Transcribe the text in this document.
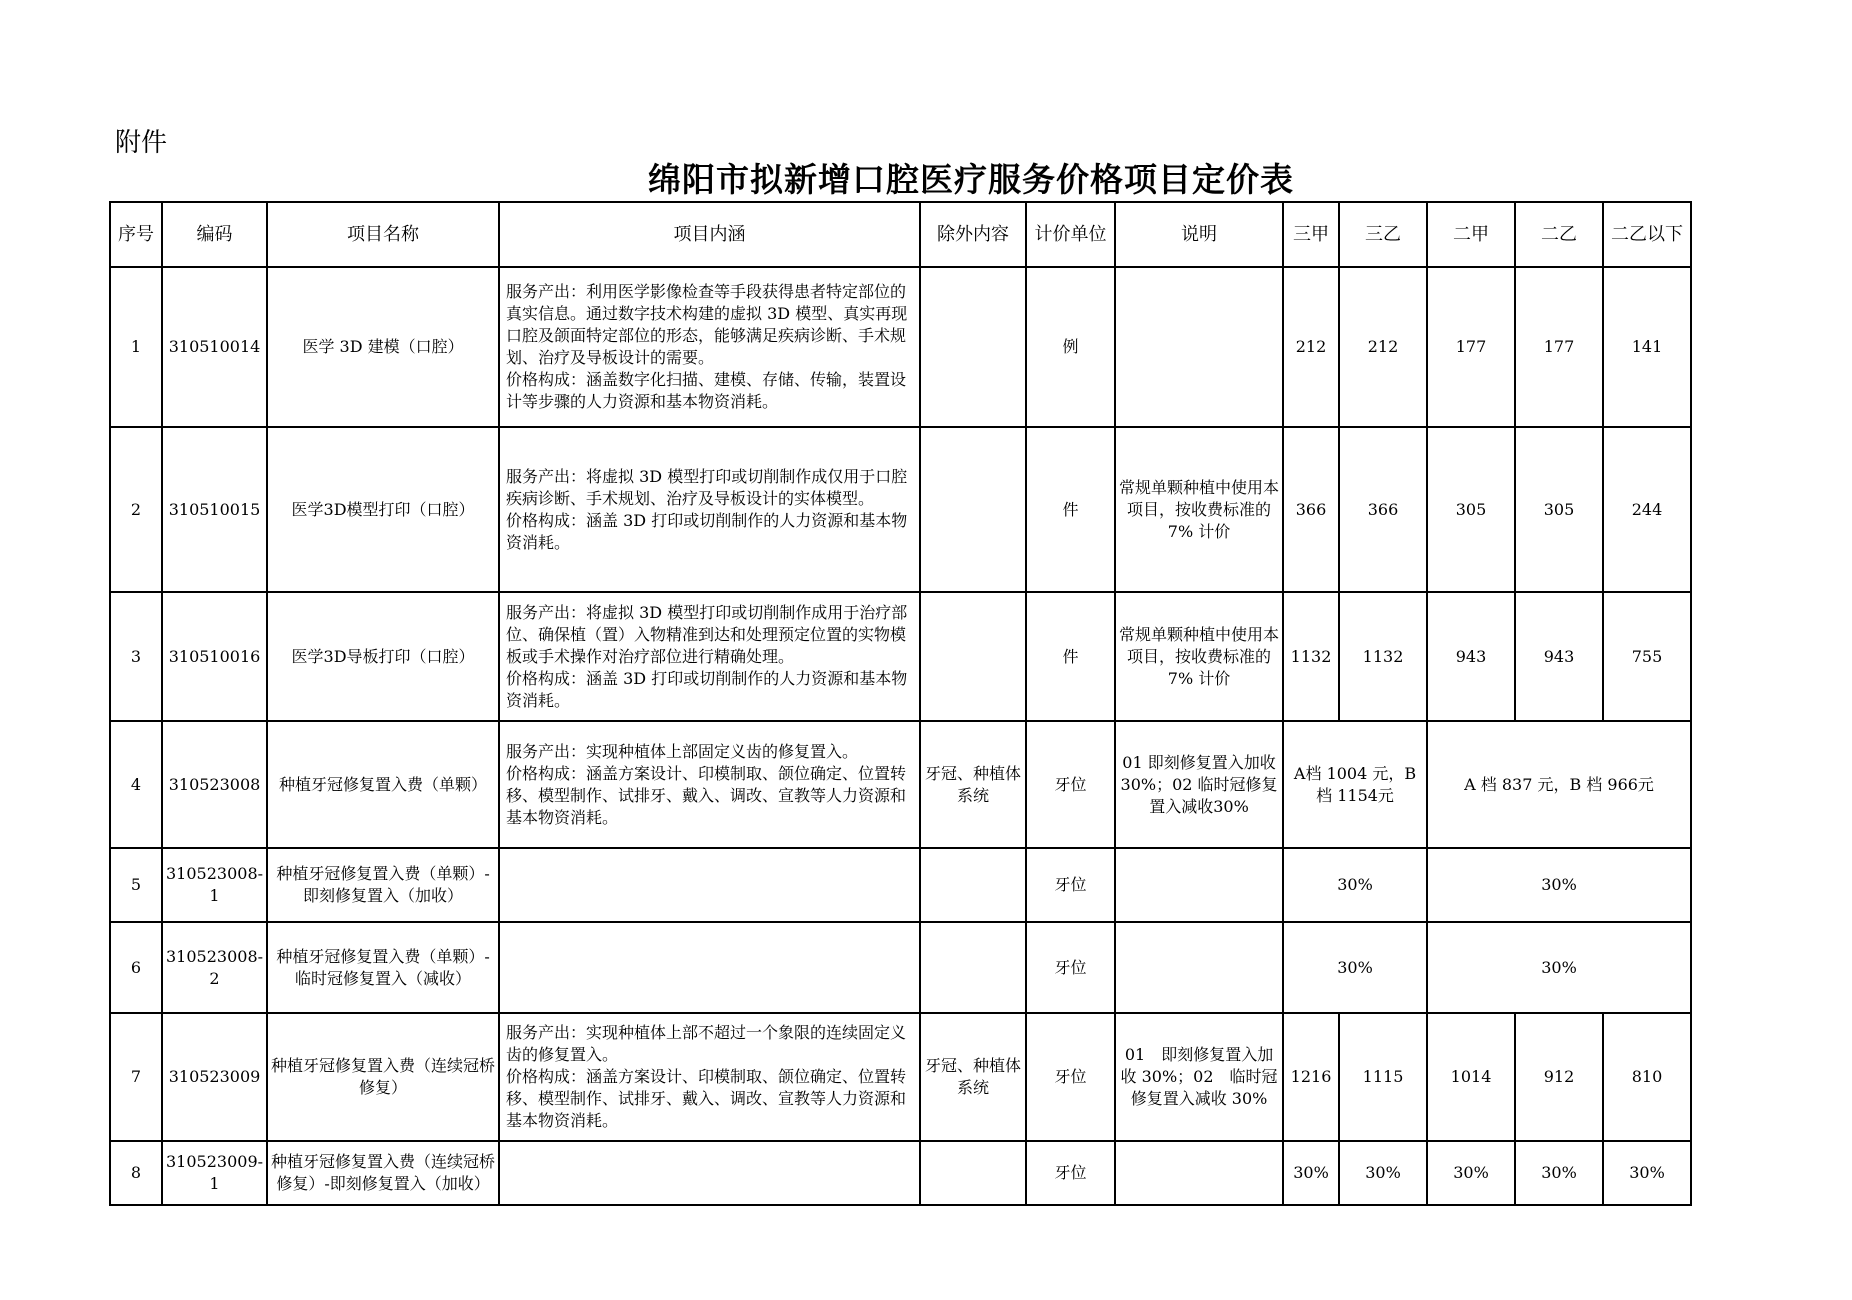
附件
绵阳市拟新增口腔医疗服务价格项目定价表
序号	编码	项目名称	项目内涵	除外内容	计价单位	说明	三甲	三乙	二甲	二乙	二乙以下
1	310510014	医学 3D 建模（口腔）	服务产出：利用医学影像检查等手段获得患者特定部位的真实信息。通过数字技术构建的虚拟 3D 模型、真实再现口腔及颌面特定部位的形态，能够满足疾病诊断、手术规划、治疗及导板设计的需要。
价格构成：涵盖数字化扫描、建模、存储、传输，装置设计等步骤的人力资源和基本物资消耗。		例		212	212	177	177	141
2	310510015	医学3D模型打印（口腔）	服务产出：将虚拟 3D 模型打印或切削制作成仅用于口腔疾病诊断、手术规划、治疗及导板设计的实体模型。
价格构成：涵盖 3D 打印或切削制作的人力资源和基本物资消耗。		件	常规单颗种植中使用本项目，按收费标准的 7% 计价	366	366	305	305	244
3	310510016	医学3D导板打印（口腔）	服务产出：将虚拟 3D 模型打印或切削制作成用于治疗部位、确保植（置）入物精准到达和处理预定位置的实物模板或手术操作对治疗部位进行精确处理。
价格构成：涵盖 3D 打印或切削制作的人力资源和基本物资消耗。		件	常规单颗种植中使用本项目，按收费标准的 7% 计价	1132	1132	943	943	755
4	310523008	种植牙冠修复置入费（单颗）	服务产出：实现种植体上部固定义齿的修复置入。
价格构成：涵盖方案设计、印模制取、颌位确定、位置转移、模型制作、试排牙、戴入、调改、宣教等人力资源和基本物资消耗。	牙冠、种植体系统	牙位	01 即刻修复置入加收30%；02 临时冠修复置入减收30%	A档 1004 元，B 档 1154元		A 档 837 元，B 档 966元		
5	310523008-1	种植牙冠修复置入费（单颗）-即刻修复置入（加收）			牙位		30%		30%		
6	310523008-2	种植牙冠修复置入费（单颗）-临时冠修复置入（减收）			牙位		30%		30%		
7	310523009	种植牙冠修复置入费（连续冠桥修复）	服务产出：实现种植体上部不超过一个象限的连续固定义齿的修复置入。
价格构成：涵盖方案设计、印模制取、颌位确定、位置转移、模型制作、试排牙、戴入、调改、宣教等人力资源和基本物资消耗。	牙冠、种植体系统	牙位	01　即刻修复置入加收 30%；02　临时冠修复置入减收 30%	1216	1115	1014	912	810
8	310523009-1	种植牙冠修复置入费（连续冠桥修复）-即刻修复置入（加收）			牙位		30%	30%	30%	30%	30%
